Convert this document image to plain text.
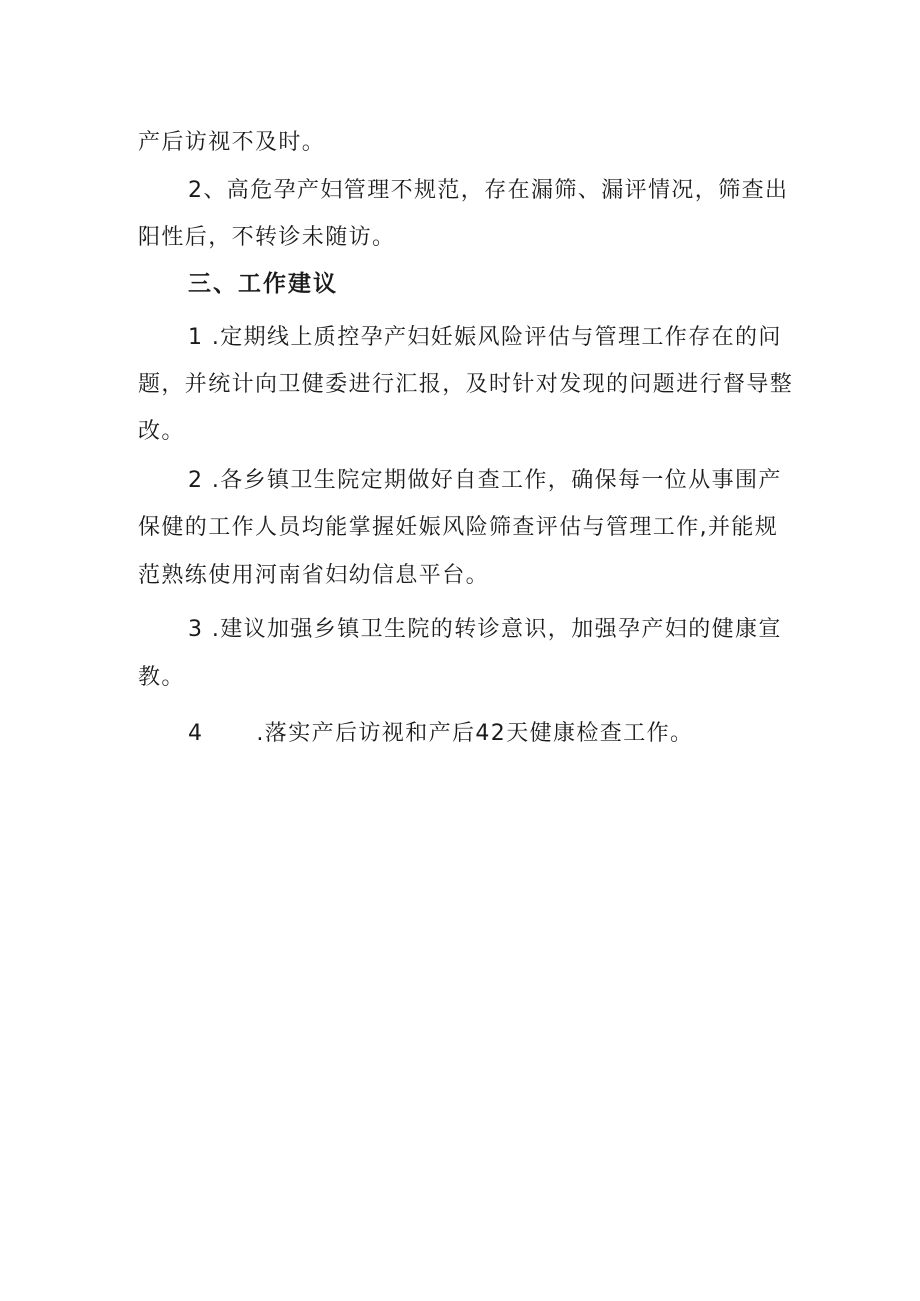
产后访视不及时。
2、高危孕产妇管理不规范，存在漏筛、漏评情况，筛查出
阳性后，不转诊未随访。
三、工作建议
1 .定期线上质控孕产妇妊娠风险评估与管理工作存在的问
题，并统计向卫健委进行汇报，及时针对发现的问题进行督导整
改。
2 .各乡镇卫生院定期做好自查工作，确保每一位从事围产
保健的工作人员均能掌握妊娠风险筛查评估与管理工作,并能规
范熟练使用河南省妇幼信息平台。
3 .建议加强乡镇卫生院的转诊意识，加强孕产妇的健康宣
教。
4 .落实产后访视和产后42天健康检查工作。
